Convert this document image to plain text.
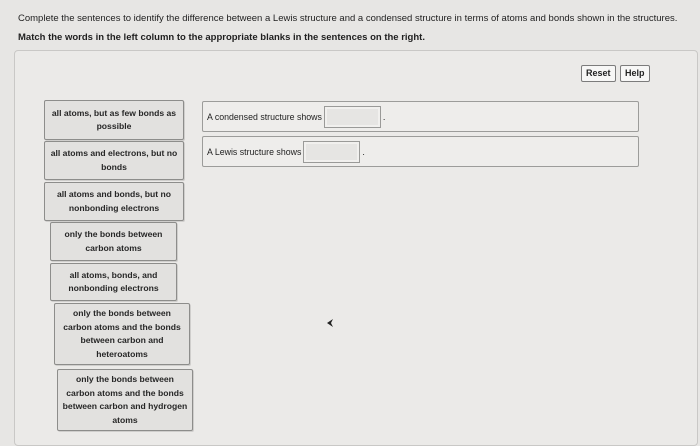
Complete the sentences to identify the difference between a Lewis structure and a condensed structure in terms of atoms and bonds shown in the structures.
Match the words in the left column to the appropriate blanks in the sentences on the right.
Reset	Help
all atoms, but as few bonds as possible
all atoms and electrons, but no bonds
all atoms and bonds, but no nonbonding electrons
only the bonds between carbon atoms
all atoms, bonds, and nonbonding electrons
only the bonds between carbon atoms and the bonds between carbon and heteroatoms
only the bonds between carbon atoms and the bonds between carbon and hydrogen atoms
A condensed structure shows	.
A Lewis structure shows	.
